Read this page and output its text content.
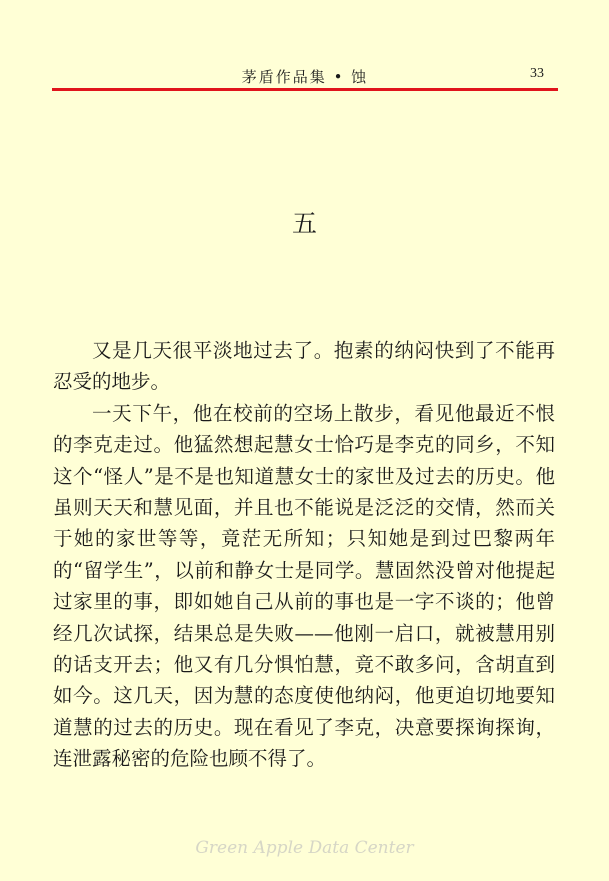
茅盾作品集 • 蚀	33
五

又是几天很平淡地过去了。抱素的纳闷快到了不能再忍受的地步。

一天下午，他在校前的空场上散步，看见他最近不恨的李克走过。他猛然想起慧女士恰巧是李克的同乡，不知这个“怪人”是不是也知道慧女士的家世及过去的历史。他虽则天天和慧见面，并且也不能说是泛泛的交情，然而关于她的家世等等，竟茫无所知；只知她是到过巴黎两年的“留学生”，以前和静女士是同学。慧固然没曾对他提起过家里的事，即如她自己从前的事也是一字不谈的；他曾经几次试探，结果总是失败——他刚一启口，就被慧用别的话支开去；他又有几分惧怕慧，竟不敢多问，含胡直到如今。这几天，因为慧的态度使他纳闷，他更迫切地要知道慧的过去的历史。现在看见了李克，决意要探询探询，连泄露秘密的危险也顾不得了。

Green Apple Data Center
